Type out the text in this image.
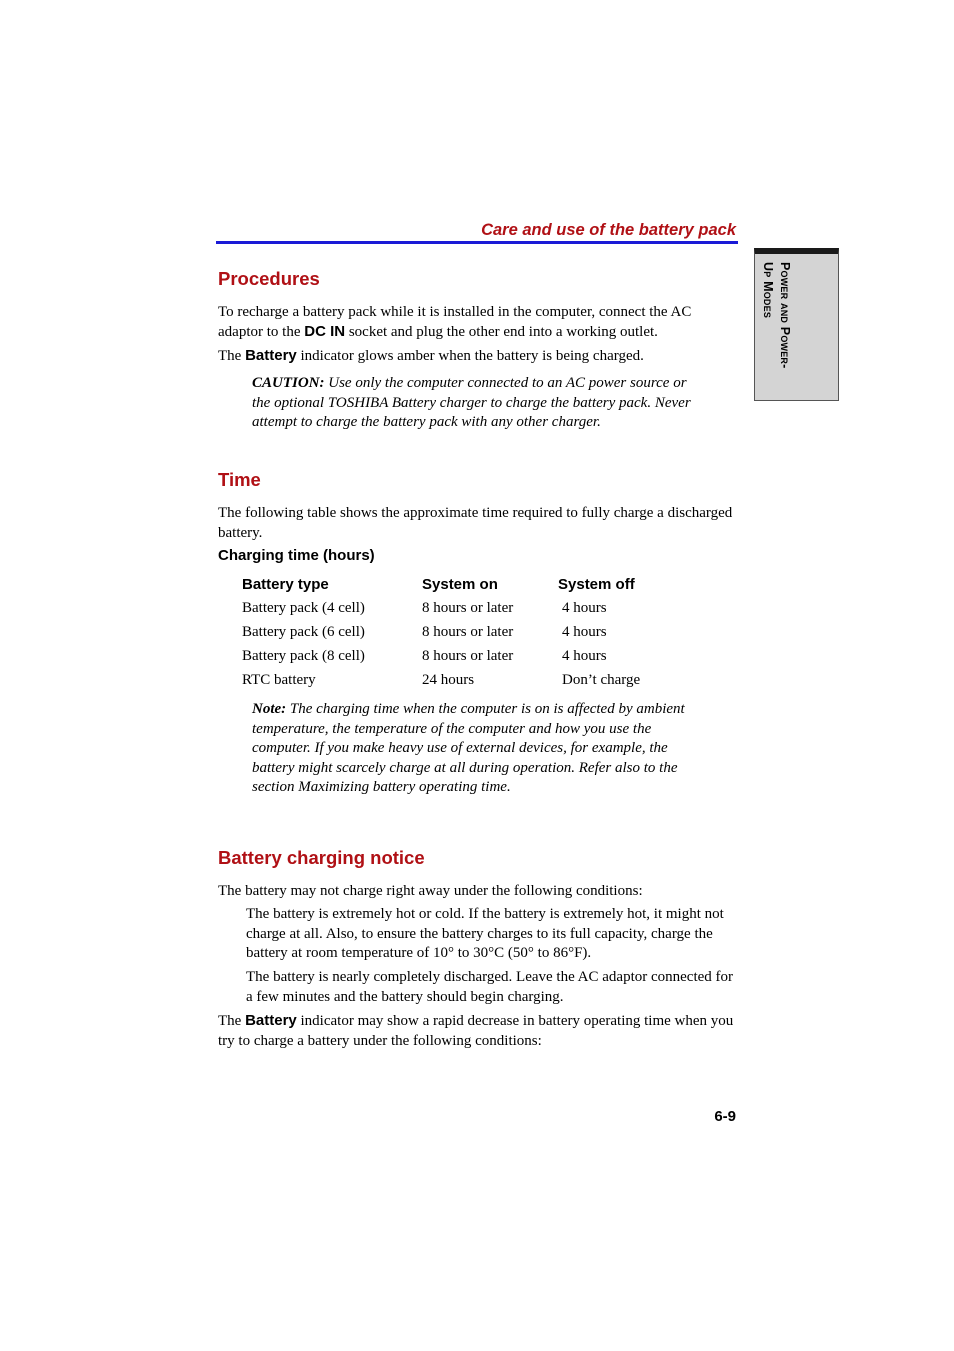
Care and use of the battery pack
Power and Power-
Up Modes
Procedures

To recharge a battery pack while it is installed in the computer, connect the AC adaptor to the DC IN socket and plug the other end into a working outlet.

The Battery indicator glows amber when the battery is being charged.

CAUTION: Use only the computer connected to an AC power source or the optional TOSHIBA Battery charger to charge the battery pack. Never attempt to charge the battery pack with any other charger.

Time

The following table shows the approximate time required to fully charge a discharged battery.

Charging time (hours)

Battery type	System on	System off
Battery pack (4 cell)	8 hours or later	4 hours
Battery pack (6 cell)	8 hours or later	4 hours
Battery pack (8 cell)	8 hours or later	4 hours
RTC battery	24 hours	Don’t charge

Note: The charging time when the computer is on is affected by ambient temperature, the temperature of the computer and how you use the computer. If you make heavy use of external devices, for example, the battery might scarcely charge at all during operation. Refer also to the section Maximizing battery operating time.

Battery charging notice

The battery may not charge right away under the following conditions:

The battery is extremely hot or cold. If the battery is extremely hot, it might not charge at all. Also, to ensure the battery charges to its full capacity, charge the battery at room temperature of 10° to 30°C (50° to 86°F).

The battery is nearly completely discharged. Leave the AC adaptor connected for a few minutes and the battery should begin charging.

The Battery indicator may show a rapid decrease in battery operating time when you try to charge a battery under the following conditions:

6-9
